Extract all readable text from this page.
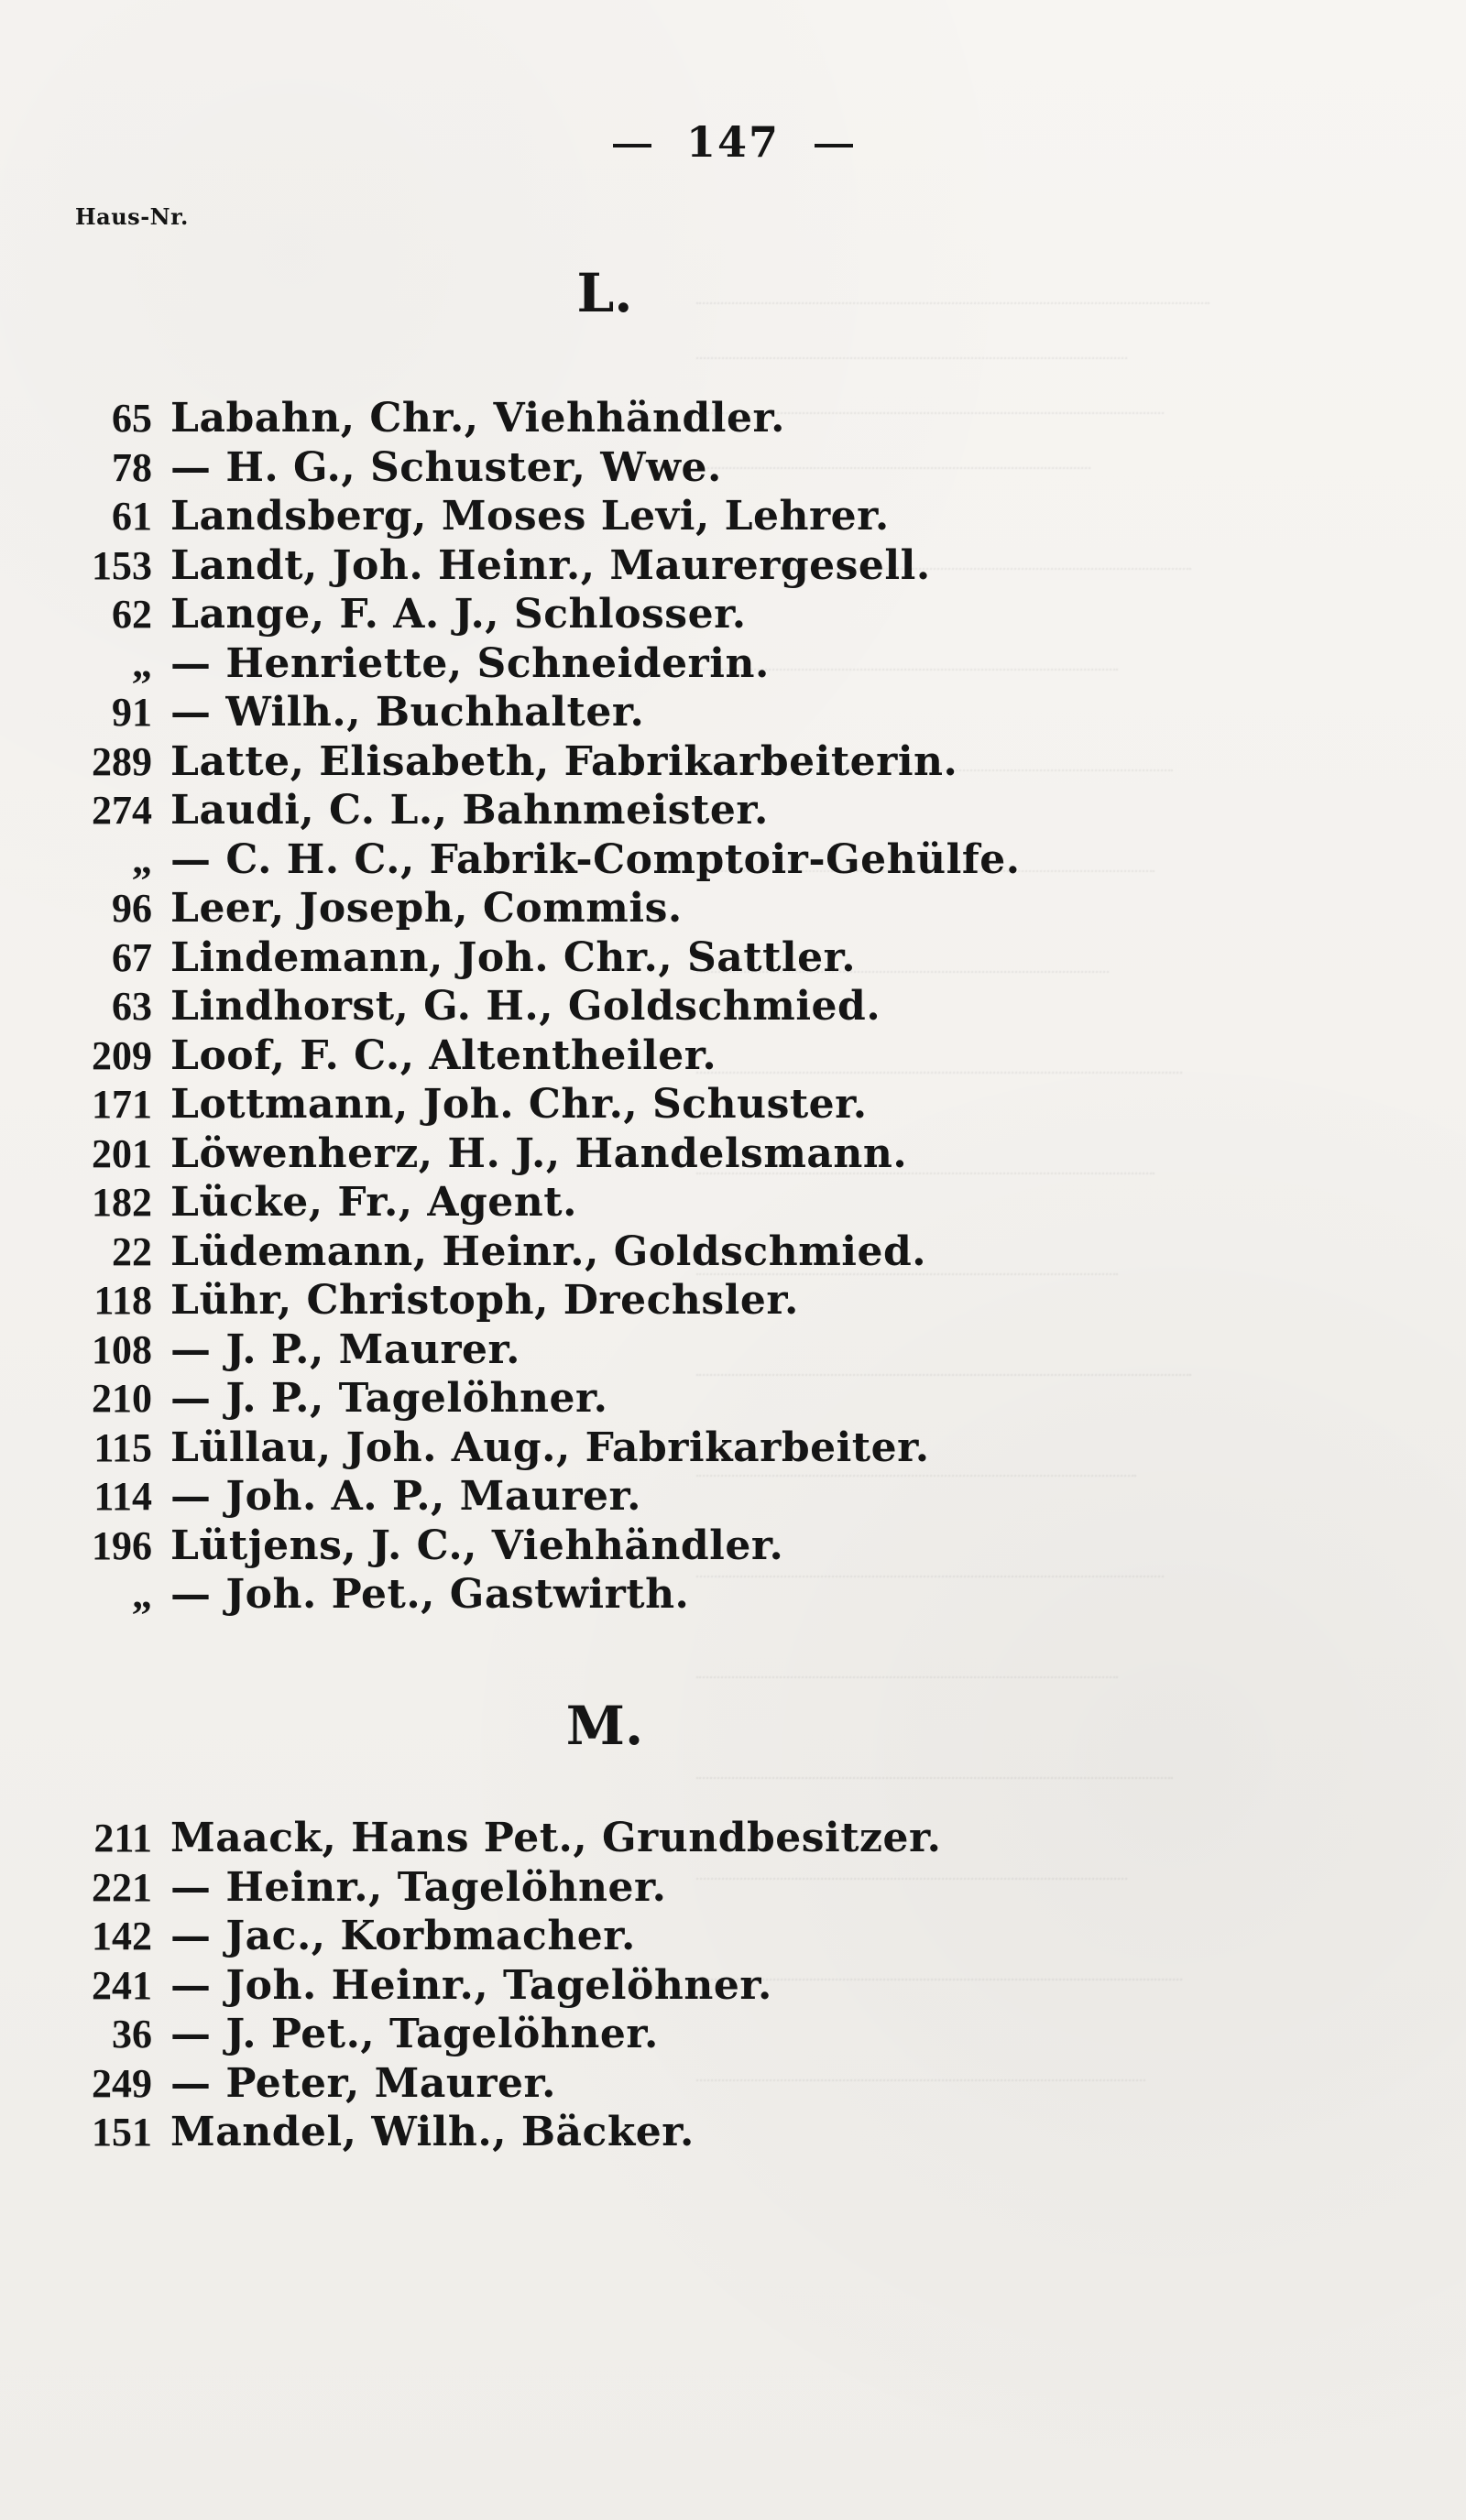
147
Haus-Nr.
L.
65 Labahn, Chr., Viehhändler.
78 — H. G., Schuster, Wwe.
61 Landsberg, Moses Levi, Lehrer.
153 Landt, Joh. Heinr., Maurergesell.
62 Lange, F. A. J., Schlosser.
„ — Henriette, Schneiderin.
91 — Wilh., Buchhalter.
289 Latte, Elisabeth, Fabrikarbeiterin.
274 Laudi, C. L., Bahnmeister.
„ — C. H. C., Fabrik-Comptoir-Gehülfe.
96 Leer, Joseph, Commis.
67 Lindemann, Joh. Chr., Sattler.
63 Lindhorst, G. H., Goldschmied.
209 Loof, F. C., Altentheiler.
171 Lottmann, Joh. Chr., Schuster.
201 Löwenherz, H. J., Handelsmann.
182 Lücke, Fr., Agent.
22 Lüdemann, Heinr., Goldschmied.
118 Lühr, Christoph, Drechsler.
108 — J. P., Maurer.
210 — J. P., Tagelöhner.
115 Lüllau, Joh. Aug., Fabrikarbeiter.
114 — Joh. A. P., Maurer.
196 Lütjens, J. C., Viehhändler.
„ — Joh. Pet., Gastwirth.
M.
211 Maack, Hans Pet., Grundbesitzer.
221 — Heinr., Tagelöhner.
142 — Jac., Korbmacher.
241 — Joh. Heinr., Tagelöhner.
36 — J. Pet., Tagelöhner.
249 — Peter, Maurer.
151 Mandel, Wilh., Bäcker.
